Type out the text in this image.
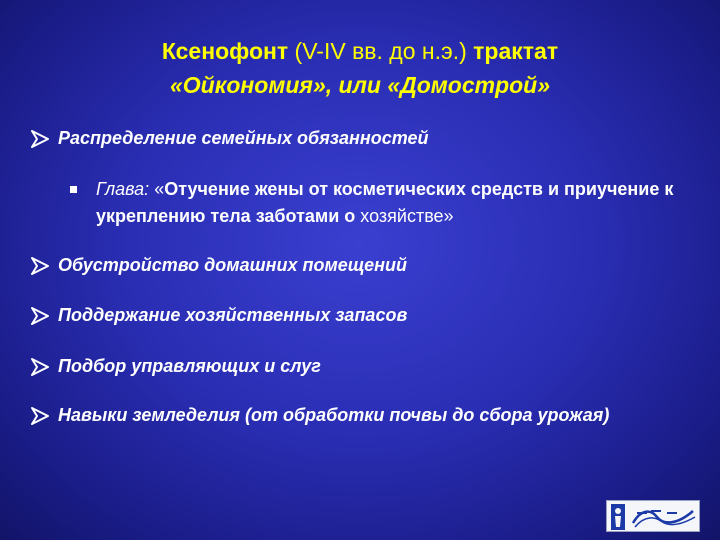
Ксенофонт (V-IV вв. до н.э.) трактат
«Ойкономия», или «Домострой»
Распределение семейных обязанностей
Глава: «Отучение жены от косметических средств и приучение к укреплению тела заботами о хозяйстве»
Обустройство домашних помещений
Поддержание хозяйственных запасов
Подбор управляющих и слуг
Навыки земледелия (от обработки почвы до сбора урожая)
